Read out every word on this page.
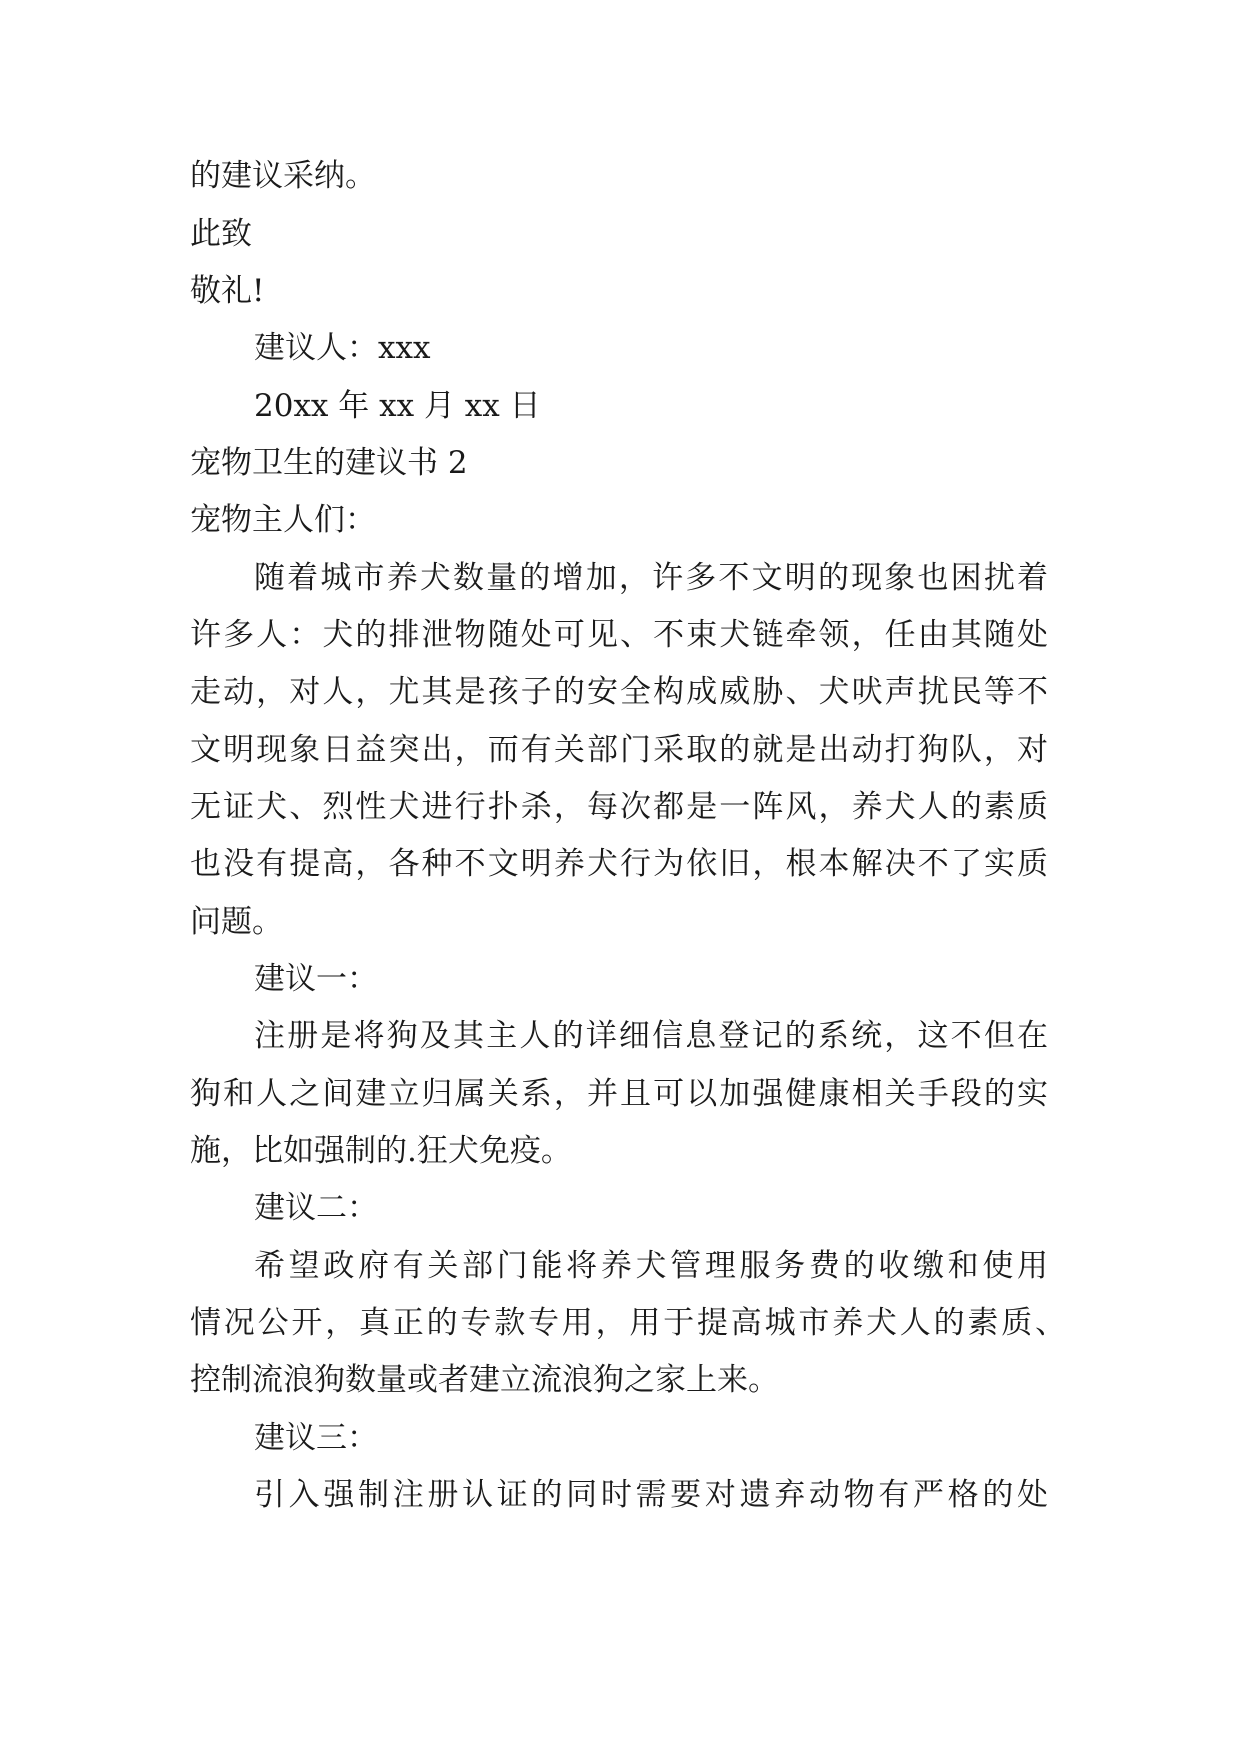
的建议采纳。
此致
敬礼!
建议人：xxx
20xx 年 xx 月 xx 日
宠物卫生的建议书 2
宠物主人们：
随着城市养犬数量的增加，许多不文明的现象也困扰着
许多人：犬的排泄物随处可见、不束犬链牵领，任由其随处
走动，对人，尤其是孩子的安全构成威胁、犬吠声扰民等不
文明现象日益突出，而有关部门采取的就是出动打狗队，对
无证犬、烈性犬进行扑杀，每次都是一阵风，养犬人的素质
也没有提高，各种不文明养犬行为依旧，根本解决不了实质
问题。
建议一：
注册是将狗及其主人的详细信息登记的系统，这不但在
狗和人之间建立归属关系，并且可以加强健康相关手段的实
施，比如强制的.狂犬免疫。
建议二：
希望政府有关部门能将养犬管理服务费的收缴和使用
情况公开，真正的专款专用，用于提高城市养犬人的素质、
控制流浪狗数量或者建立流浪狗之家上来。
建议三：
引入强制注册认证的同时需要对遗弃动物有严格的处
